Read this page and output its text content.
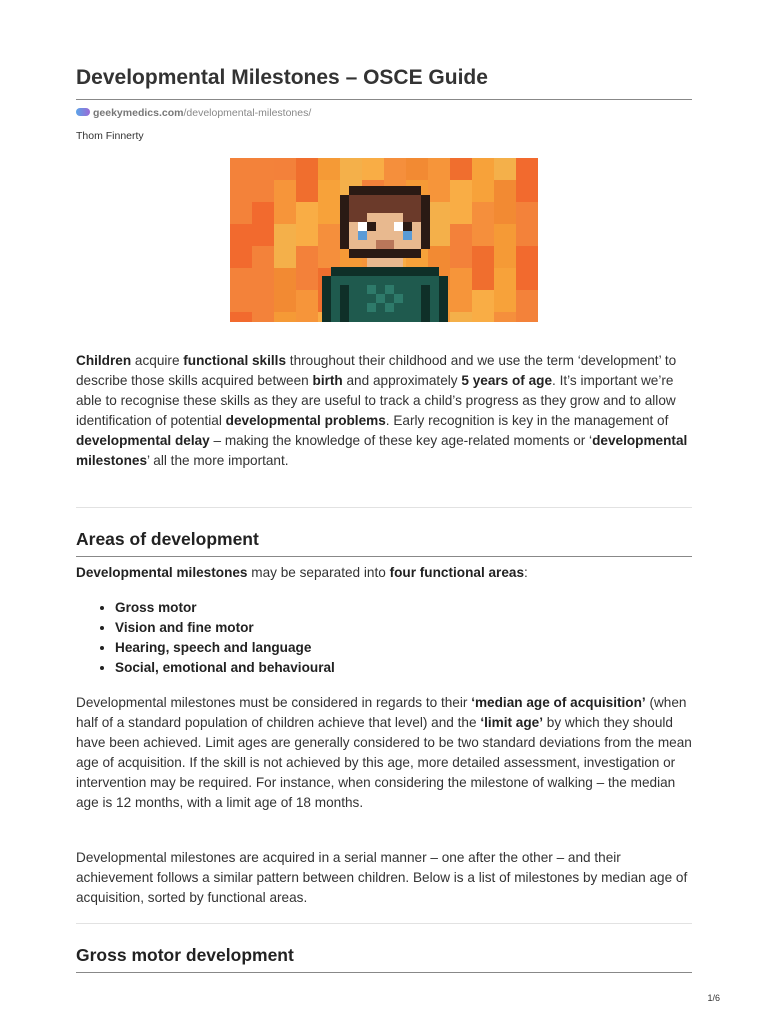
Developmental Milestones – OSCE Guide
geekymedics.com/developmental-milestones/
Thom Finnerty

Children acquire functional skills throughout their childhood and we use the term ‘development’ to describe those skills acquired between birth and approximately 5 years of age. It’s important we’re able to recognise these skills as they are useful to track a child’s progress as they grow and to allow identification of potential developmental problems. Early recognition is key in the management of developmental delay – making the knowledge of these key age-related moments or ‘developmental milestones’ all the more important.

Areas of development

Developmental milestones may be separated into four functional areas:

• Gross motor
• Vision and fine motor
• Hearing, speech and language
• Social, emotional and behavioural

Developmental milestones must be considered in regards to their ‘median age of acquisition’ (when half of a standard population of children achieve that level) and the ‘limit age’ by which they should have been achieved. Limit ages are generally considered to be two standard deviations from the mean age of acquisition. If the skill is not achieved by this age, more detailed assessment, investigation or intervention may be required. For instance, when considering the milestone of walking – the median age is 12 months, with a limit age of 18 months.

Developmental milestones are acquired in a serial manner – one after the other – and their achievement follows a similar pattern between children. Below is a list of milestones by median age of acquisition, sorted by functional areas.

Gross motor development
1/6
